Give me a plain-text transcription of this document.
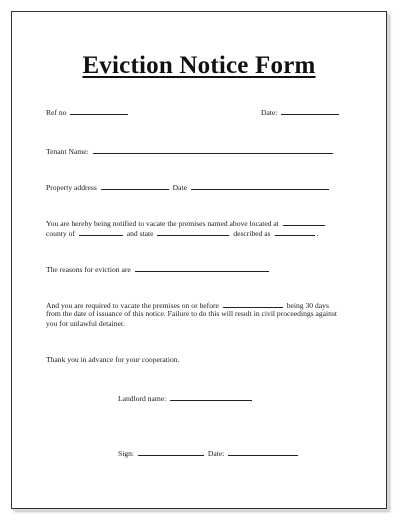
Eviction Notice Form
Ref no	Date:
Tenant Name:
Property address	Date
You are hereby being notified to vacate the premises named above located at
county of	and state	described as	.
The reasons for eviction are
And you are required to vacate the premises on or before	being 30 days
from the date of issuance of this notice. Failure to do this will result in civil proceedings against
you for unlawful detainer.
Thank you in advance for your cooperation.
Landlord name:
Sign:	Date:
